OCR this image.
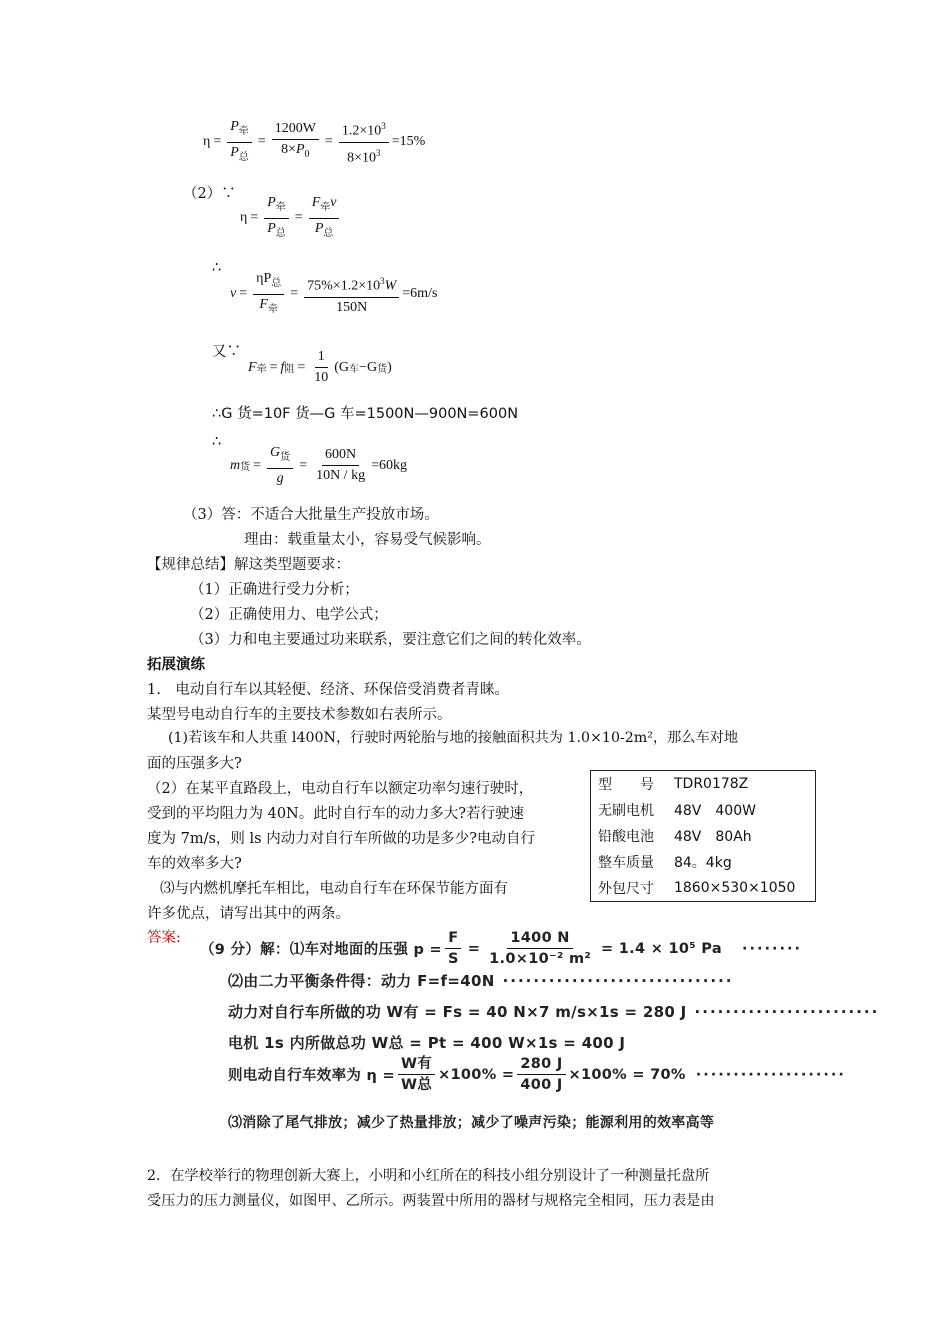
$\eta = \frac{P_牵}{P_总} = \frac{1200W}{8\times P_0} = \frac{1.2\times 10^3}{8\times 10^3} =15\%$
（2）∵
$\eta = \frac{P_牵}{P_总} = \frac{F_牵v}{P_总}$
∴
$v = \frac{\eta P_总}{F_牵} = \frac{75\%\times 1.2\times 10^3W}{150N} =6m/s$
又∵
F 牵 = f 阻 = $\frac{1}{10} (G$ 车 −G 货 )
∴G 货=10F 货—G 车=1500N—900N=600N
∴
m 货 = $\frac{G_货}{g} = \frac{600N}{10N / kg} =60kg$
（3）答：不适合大批量生产投放市场。
理由：载重量太小，容易受气候影响。
【规律总结】解这类型题要求：
（1）正确进行受力分析；
（2）正确使用力、电学公式；
（3）力和电主要通过功来联系，要注意它们之间的转化效率。
拓展演练
1.　电动自行车以其轻便、经济、环保倍受消费者青睐。
某型号电动自行车的主要技术参数如右表所示。
(1)若该车和人共重 l400N，行驶时两轮胎与地的接触面积共为 1.0×10-2m²，那么车对地
面的压强多大?
（2）在某平直路段上，电动自行车以额定功率匀速行驶时，
受到的平均阻力为 40N。此时自行车的动力多大?若行驶速
度为 7m/s，则 ls 内动力对自行车所做的功是多少?电动自行
车的效率多大?
⑶与内燃机摩托车相比，电动自行车在环保节能方面有
许多优点，请写出其中的两条。
答案:
型　　号	TDR0178Z
无刷电机	48V　400W
铅酸电池	48V　80Ah
整车质量	84。4kg
外包尺寸	1860×530×1050
（9 分）解：⑴车对地面的压强 $p = \frac{F}{S} = \frac{1400 N}{\text{1.0×10⁻² m²}} = 1.4 \times 10^5$ Pa ········
⑵由二力平衡条件得：动力 F=f=40N ······························
动力对自行车所做的功 W有 = Fs = 40 N×7 m/s×1s = 280 J ························
电机 1s 内所做总功 W总 = Pt = 400 W×1s = 400 J
则电动自行车效率为 $\eta = \frac{\text{W有}}{\text{W总}} \times 100\% = \frac{280 J}{400 J} \times 100\% = 70\%$ ····················
⑶消除了尾气排放；减少了热量排放；减少了噪声污染；能源利用的效率高等
2．在学校举行的物理创新大赛上，小明和小红所在的科技小组分别设计了一种测量托盘所
受压力的压力测量仪，如图甲、乙所示。两装置中所用的器材与规格完全相同，压力表是由
